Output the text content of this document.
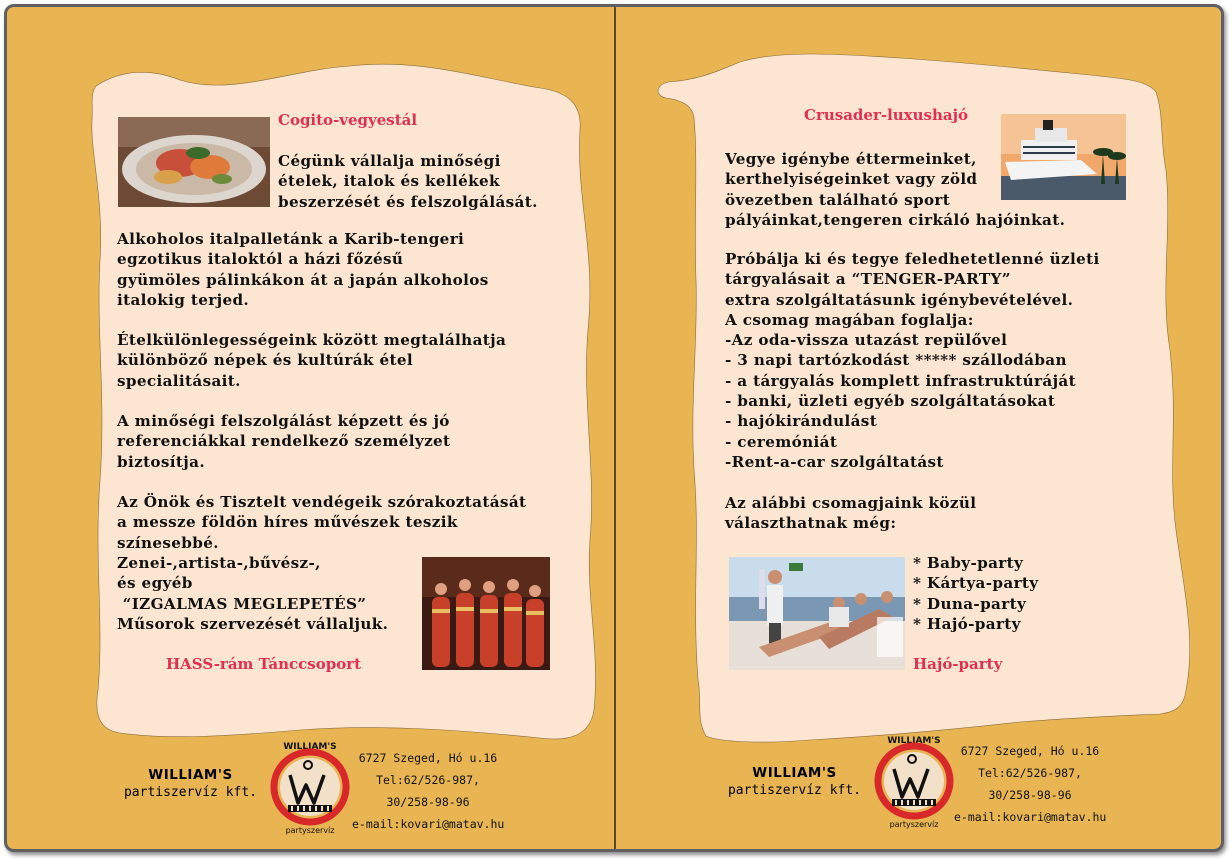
Cogito-vegyestál
Cégünk vállalja minőségi
ételek, italok és kellékek
beszerzését és felszolgálását.
Alkoholos italpalletánk a Karib-tengeri
egzotikus italoktól a házi főzésű
gyümöles pálinkákon át a japán alkoholos
italokig terjed.
Ételkülönlegességeink között megtalálhatja
különböző népek és kultúrák étel
specialitásait.
A minőségi felszolgálást képzett és jó
referenciákkal rendelkező személyzet
biztosítja.
Az Önök és Tisztelt vendégeik szórakoztatását
a messze földön híres művészek teszik
színesebbé.
Zenei-,artista-,bűvész-,
és egyéb
“IZGALMAS MEGLEPETÉS”
Műsorok szervezését vállaljuk.
HASS-rám Tánccsoport
Crusader-luxushajó
Vegye igénybe éttermeinket,
kerthelyiségeinket vagy zöld
övezetben található sport
pályáinkat,tengeren cirkáló hajóinkat.
Próbálja ki és tegye feledhetetlenné üzleti
tárgyalásait a “TENGER-PARTY”
extra szolgáltatásunk igénybevételével.
A csomag magában foglalja:
-Az oda-vissza utazást repülővel
- 3 napi tartózkodást ***** szállodában
- a tárgyalás komplett infrastruktúráját
- banki, üzleti egyéb szolgáltatásokat
- hajókirándulást
- ceremóniát
-Rent-a-car szolgáltatást
Az alábbi csomagjaink közül
választhatnak még:
* Baby-party
* Kártya-party
* Duna-party
* Hajó-party
Hajó-party
WILLIAM'S
partiszervíz kft.
WILLIAM'S
partyszervíz
6727 Szeged, Hó u.16
Tel:62/526-987,
30/258-98-96
e-mail:kovari@matav.hu
WILLIAM'S
partiszervíz kft.
WILLIAM'S
partyszervíz
6727 Szeged, Hó u.16
Tel:62/526-987,
30/258-98-96
e-mail:kovari@matav.hu
